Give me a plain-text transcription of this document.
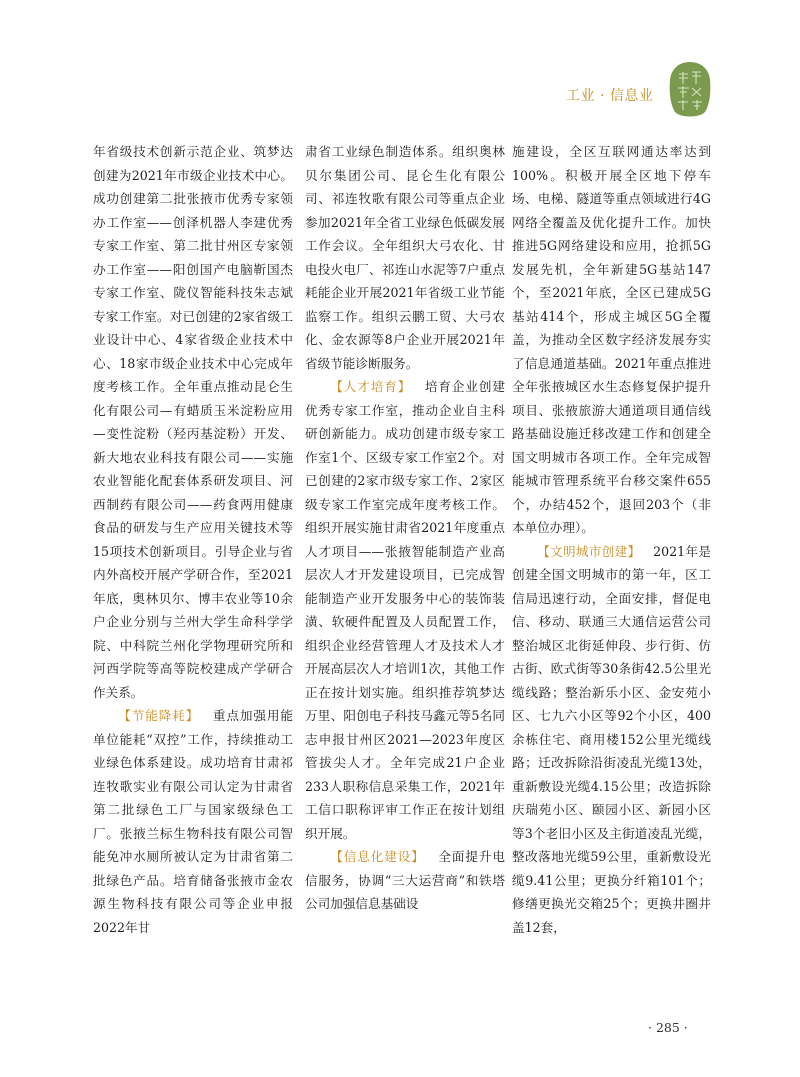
工业 · 信息业

年省级技术创新示范企业、筑梦达创建为2021年市级企业技术中心。成功创建第二批张掖市优秀专家领办工作室——创泽机器人李建优秀专家工作室、第二批甘州区专家领办工作室——阳创国产电脑靳国杰专家工作室、陇仪智能科技朱志斌专家工作室。对已创建的2家省级工业设计中心、4家省级企业技术中心、18家市级企业技术中心完成年度考核工作。全年重点推动昆仑生化有限公司—有蜡质玉米淀粉应用—变性淀粉（羟丙基淀粉）开发、新大地农业科技有限公司——实施农业智能化配套体系研发项目、河西制药有限公司——药食两用健康食品的研发与生产应用关键技术等15项技术创新项目。引导企业与省内外高校开展产学研合作，至2021年底，奥林贝尔、博丰农业等10余户企业分别与兰州大学生命科学学院、中科院兰州化学物理研究所和河西学院等高等院校建成产学研合作关系。

【节能降耗】  重点加强用能单位能耗“双控”工作，持续推动工业绿色体系建设。成功培育甘肃祁连牧歌实业有限公司认定为甘肃省第二批绿色工厂与国家级绿色工厂。张掖兰标生物科技有限公司智能免冲水厕所被认定为甘肃省第二批绿色产品。培育储备张掖市金农源生物科技有限公司等企业申报2022年甘

肃省工业绿色制造体系。组织奥林贝尔集团公司、昆仑生化有限公司、祁连牧歌有限公司等重点企业参加2021年全省工业绿色低碳发展工作会议。全年组织大弓农化、甘电投火电厂、祁连山水泥等7户重点耗能企业开展2021年省级工业节能监察工作。组织云鹏工贸、大弓农化、金农源等8户企业开展2021年省级节能诊断服务。

【人才培育】  培育企业创建优秀专家工作室，推动企业自主科研创新能力。成功创建市级专家工作室1个、区级专家工作室2个。对已创建的2家市级专家工作、2家区级专家工作室完成年度考核工作。组织开展实施甘肃省2021年度重点人才项目——张掖智能制造产业高层次人才开发建设项目，已完成智能制造产业开发服务中心的装饰装潢、软硬件配置及人员配置工作，组织企业经营管理人才及技术人才开展高层次人才培训1次，其他工作正在按计划实施。组织推荐筑梦达万里、阳创电子科技马鑫元等5名同志申报甘州区2021—2023年度区管拔尖人才。全年完成21户企业233人职称信息采集工作，2021年工信口职称评审工作正在按计划组织开展。

【信息化建设】  全面提升电信服务，协调“三大运营商”和铁塔公司加强信息基础设

施建设，全区互联网通达率达到100%。积极开展全区地下停车场、电梯、隧道等重点领域进行4G网络全覆盖及优化提升工作。加快推进5G网络建设和应用，抢抓5G发展先机，全年新建5G基站147个，至2021年底，全区已建成5G基站414个，形成主城区5G全覆盖，为推动全区数字经济发展夯实了信息通道基础。2021年重点推进全年张掖城区水生态修复保护提升项目、张掖旅游大通道项目通信线路基础设施迁移改建工作和创建全国文明城市各项工作。全年完成智能城市管理系统平台移交案件655个，办结452个，退回203个（非本单位办理）。

【文明城市创建】  2021年是创建全国文明城市的第一年，区工信局迅速行动，全面安排，督促电信、移动、联通三大通信运营公司整治城区北街延伸段、步行街、仿古街、欧式街等30条街42.5公里光缆线路；整治新乐小区、金安苑小区、七九六小区等92个小区，400余栋住宅、商用楼152公里光缆线路；迁改拆除沿街凌乱光缆13处，重新敷设光缆4.15公里；改造拆除庆瑞苑小区、颐园小区、新园小区等3个老旧小区及主街道凌乱光缆，整改落地光缆59公里，重新敷设光缆9.41公里；更换分纤箱101个；修缮更换光交箱25个；更换井圈井盖12套，

· 285 ·
